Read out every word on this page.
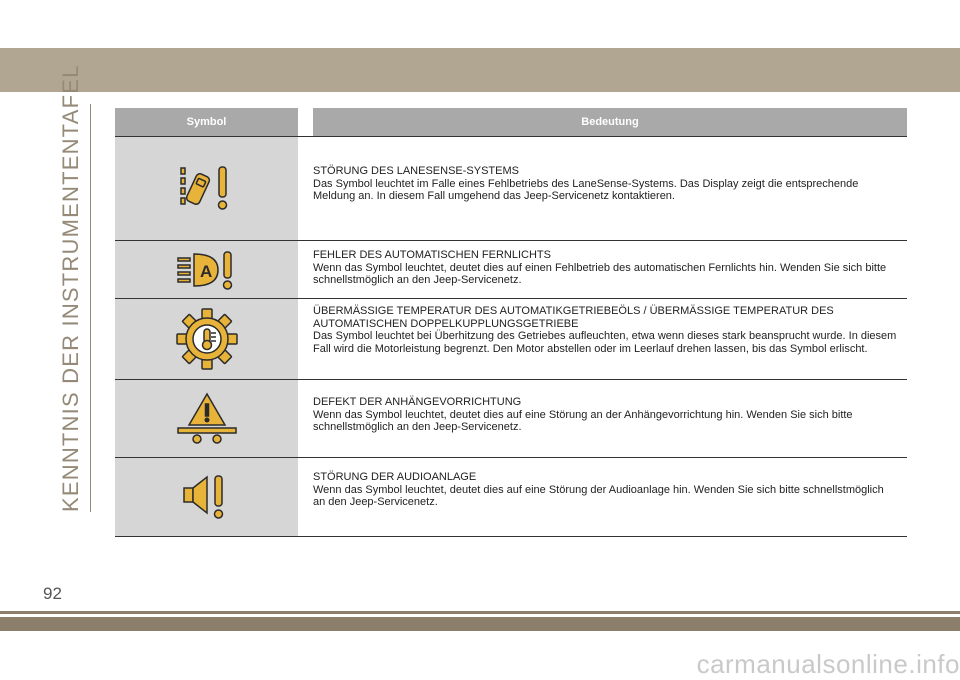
KENNTNIS DER INSTRUMENTENTAFEL
92
Symbol	Bedeutung
STÖRUNG DES LANESENSE-SYSTEMS
Das Symbol leuchtet im Falle eines Fehlbetriebs des LaneSense-Systems. Das Display zeigt die entsprechende Meldung an. In diesem Fall umgehend das Jeep-Servicenetz kontaktieren.
A
FEHLER DES AUTOMATISCHEN FERNLICHTS
Wenn das Symbol leuchtet, deutet dies auf einen Fehlbetrieb des automatischen Fernlichts hin. Wenden Sie sich bitte schnellstmöglich an den Jeep-Servicenetz.
ÜBERMÄSSIGE TEMPERATUR DES AUTOMATIKGETRIEBEÖLS / ÜBERMÄSSIGE TEMPERATUR DES AUTOMATISCHEN DOPPELKUPPLUNGSGETRIEBE
Das Symbol leuchtet bei Überhitzung des Getriebes aufleuchten, etwa wenn dieses stark beansprucht wurde. In diesem Fall wird die Motorleistung begrenzt. Den Motor abstellen oder im Leerlauf drehen lassen, bis das Symbol erlischt.
DEFEKT DER ANHÄNGEVORRICHTUNG
Wenn das Symbol leuchtet, deutet dies auf eine Störung an der Anhängevorrichtung hin. Wenden Sie sich bitte schnellstmöglich an den Jeep-Servicenetz.
STÖRUNG DER AUDIOANLAGE
Wenn das Symbol leuchtet, deutet dies auf eine Störung der Audioanlage hin. Wenden Sie sich bitte schnellstmöglich an den Jeep-Servicenetz.
carmanualsonline.info
